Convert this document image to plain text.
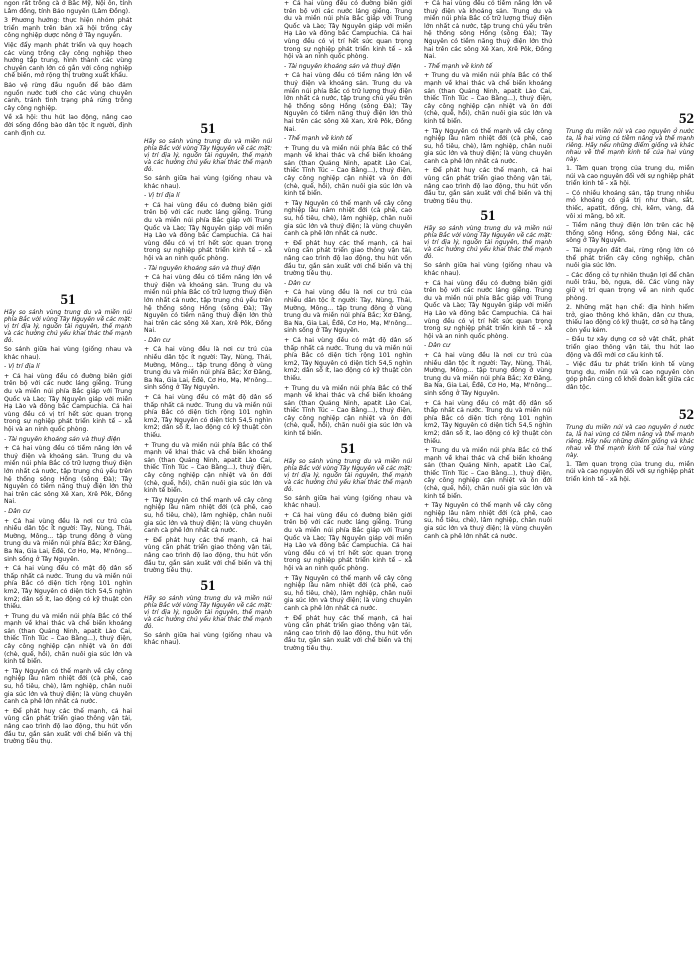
ngon rất trồng cà ở Bắc Mỹ, Nội ôn, tính Lâm đồng, tính Bảo nguyên (Lâm Đồng).

3 Phương hướng: thực hiện nhóm phát triển mạnh trên bản xã hội trồng cây công nghiệp dược nông ở Tây nguyên.

Việc đẩy mạnh phát triển và quy hoạch các vùng trồng cây công nghiệp theo hướng tập trung, hình thành các vùng chuyên canh lớn có gắn với công nghiệp chế biến, mở rộng thị trường xuất khẩu.

Bảo vệ rừng đầu nguồn để bảo đảm nguồn nước tưới cho các vùng chuyên canh, tránh tình trạng phá rừng trồng cây công nghiệp.

Về xã hội: thu hút lao động, nâng cao đời sống đồng bào dân tộc ít người, định canh định cư.

51

Hãy so sánh vùng trung du và miền núi phía Bắc với vùng Tây Nguyên về các mặt: vị trí địa lý, nguồn tài nguyên, thế mạnh và các hướng chủ yếu khai thác thế mạnh đó.

So sánh giữa hai vùng (giống nhau và khác nhau).

- Vị trí địa lí

+ Cả hai vùng đều có đường biên giới trên bộ với các nước láng giềng. Trung du và miền núi phía Bắc giáp với Trung Quốc và Lào; Tây Nguyên giáp với miền Hạ Lào và đông bắc Campuchia. Cả hai vùng đều có vị trí hết sức quan trọng trong sự nghiệp phát triển kinh tế – xã hội và an ninh quốc phòng.

- Tài nguyên khoáng sản và thuỷ điện

+ Cả hai vùng đều có tiềm năng lớn về thuỷ điện và khoáng sản. Trung du và miền núi phía Bắc có trữ lượng thuỷ điện lớn nhất cả nước, tập trung chủ yếu trên hệ thống sông Hồng (sông Đà); Tây Nguyên có tiềm năng thuỷ điện lớn thứ hai trên các sông Xê Xan, Xrê Pôk, Đồng Nai.

- Dân cư

+ Cả hai vùng đều là nơi cư trú của nhiều dân tộc ít người: Tày, Nùng, Thái, Mường, Mông... tập trung đông ở vùng trung du và miền núi phía Bắc; Xơ Đăng, Ba Na, Gia Lai, Êđê, Cơ Ho, Mạ, M'nông... sinh sống ở Tây Nguyên.

+ Cả hai vùng đều có mật độ dân số thấp nhất cả nước. Trung du và miền núi phía Bắc có diện tích rộng 101 nghìn km2, Tây Nguyên có diện tích 54,5 nghìn km2; dân số ít, lao động có kỹ thuật còn thiếu.

+ Trung du và miền núi phía Bắc có thế mạnh về khai thác và chế biến khoáng sản (than Quảng Ninh, apatit Lào Cai, thiếc Tĩnh Túc – Cao Bằng...), thuỷ điện, cây công nghiệp cận nhiệt và ôn đới (chè, quế, hồi), chăn nuôi gia súc lớn và kinh tế biển.

+ Tây Nguyên có thế mạnh về cây công nghiệp lâu năm nhiệt đới (cà phê, cao su, hồ tiêu, chè), lâm nghiệp, chăn nuôi gia súc lớn và thuỷ điện; là vùng chuyên canh cà phê lớn nhất cả nước.

+ Để phát huy các thế mạnh, cả hai vùng cần phát triển giao thông vận tải, nâng cao trình độ lao động, thu hút vốn đầu tư, gắn sản xuất với chế biến và thị trường tiêu thụ.

51

Hãy so sánh vùng trung du và miền núi phía Bắc với vùng Tây Nguyên về các mặt: vị trí địa lý, nguồn tài nguyên, thế mạnh và các hướng chủ yếu khai thác thế mạnh đó.

So sánh giữa hai vùng (giống nhau và khác nhau).

- Vị trí địa lí

+ Cả hai vùng đều có đường biên giới trên bộ với các nước láng giềng. Trung du và miền núi phía Bắc giáp với Trung Quốc và Lào; Tây Nguyên giáp với miền Hạ Lào và đông bắc Campuchia. Cả hai vùng đều có vị trí hết sức quan trọng trong sự nghiệp phát triển kinh tế – xã hội và an ninh quốc phòng.

- Tài nguyên khoáng sản và thuỷ điện

+ Cả hai vùng đều có tiềm năng lớn về thuỷ điện và khoáng sản. Trung du và miền núi phía Bắc có trữ lượng thuỷ điện lớn nhất cả nước, tập trung chủ yếu trên hệ thống sông Hồng (sông Đà); Tây Nguyên có tiềm năng thuỷ điện lớn thứ hai trên các sông Xê Xan, Xrê Pôk, Đồng Nai.

- Dân cư

+ Cả hai vùng đều là nơi cư trú của nhiều dân tộc ít người: Tày, Nùng, Thái, Mường, Mông... tập trung đông ở vùng trung du và miền núi phía Bắc; Xơ Đăng, Ba Na, Gia Lai, Êđê, Cơ Ho, Mạ, M'nông... sinh sống ở Tây Nguyên.

+ Cả hai vùng đều có mật độ dân số thấp nhất cả nước. Trung du và miền núi phía Bắc có diện tích rộng 101 nghìn km2, Tây Nguyên có diện tích 54,5 nghìn km2; dân số ít, lao động có kỹ thuật còn thiếu.

+ Trung du và miền núi phía Bắc có thế mạnh về khai thác và chế biến khoáng sản (than Quảng Ninh, apatit Lào Cai, thiếc Tĩnh Túc – Cao Bằng...), thuỷ điện, cây công nghiệp cận nhiệt và ôn đới (chè, quế, hồi), chăn nuôi gia súc lớn và kinh tế biển.

+ Tây Nguyên có thế mạnh về cây công nghiệp lâu năm nhiệt đới (cà phê, cao su, hồ tiêu, chè), lâm nghiệp, chăn nuôi gia súc lớn và thuỷ điện; là vùng chuyên canh cà phê lớn nhất cả nước.

+ Để phát huy các thế mạnh, cả hai vùng cần phát triển giao thông vận tải, nâng cao trình độ lao động, thu hút vốn đầu tư, gắn sản xuất với chế biến và thị trường tiêu thụ.

51

Hãy so sánh vùng trung du và miền núi phía Bắc với vùng Tây Nguyên về các mặt: vị trí địa lý, nguồn tài nguyên, thế mạnh và các hướng chủ yếu khai thác thế mạnh đó.

So sánh giữa hai vùng (giống nhau và khác nhau).

+ Cả hai vùng đều có đường biên giới trên bộ với các nước láng giềng. Trung du và miền núi phía Bắc giáp với Trung Quốc và Lào; Tây Nguyên giáp với miền Hạ Lào và đông bắc Campuchia. Cả hai vùng đều có vị trí hết sức quan trọng trong sự nghiệp phát triển kinh tế – xã hội và an ninh quốc phòng.

- Tài nguyên khoáng sản và thuỷ điện

+ Cả hai vùng đều có tiềm năng lớn về thuỷ điện và khoáng sản. Trung du và miền núi phía Bắc có trữ lượng thuỷ điện lớn nhất cả nước, tập trung chủ yếu trên hệ thống sông Hồng (sông Đà); Tây Nguyên có tiềm năng thuỷ điện lớn thứ hai trên các sông Xê Xan, Xrê Pôk, Đồng Nai.

- Thế mạnh về kinh tế

+ Trung du và miền núi phía Bắc có thế mạnh về khai thác và chế biến khoáng sản (than Quảng Ninh, apatit Lào Cai, thiếc Tĩnh Túc – Cao Bằng...), thuỷ điện, cây công nghiệp cận nhiệt và ôn đới (chè, quế, hồi), chăn nuôi gia súc lớn và kinh tế biển.

+ Tây Nguyên có thế mạnh về cây công nghiệp lâu năm nhiệt đới (cà phê, cao su, hồ tiêu, chè), lâm nghiệp, chăn nuôi gia súc lớn và thuỷ điện; là vùng chuyên canh cà phê lớn nhất cả nước.

+ Để phát huy các thế mạnh, cả hai vùng cần phát triển giao thông vận tải, nâng cao trình độ lao động, thu hút vốn đầu tư, gắn sản xuất với chế biến và thị trường tiêu thụ.

- Dân cư

+ Cả hai vùng đều là nơi cư trú của nhiều dân tộc ít người: Tày, Nùng, Thái, Mường, Mông... tập trung đông ở vùng trung du và miền núi phía Bắc; Xơ Đăng, Ba Na, Gia Lai, Êđê, Cơ Ho, Mạ, M'nông... sinh sống ở Tây Nguyên.

+ Cả hai vùng đều có mật độ dân số thấp nhất cả nước. Trung du và miền núi phía Bắc có diện tích rộng 101 nghìn km2, Tây Nguyên có diện tích 54,5 nghìn km2; dân số ít, lao động có kỹ thuật còn thiếu.

+ Trung du và miền núi phía Bắc có thế mạnh về khai thác và chế biến khoáng sản (than Quảng Ninh, apatit Lào Cai, thiếc Tĩnh Túc – Cao Bằng...), thuỷ điện, cây công nghiệp cận nhiệt và ôn đới (chè, quế, hồi), chăn nuôi gia súc lớn và kinh tế biển.

51

Hãy so sánh vùng trung du và miền núi phía Bắc với vùng Tây Nguyên về các mặt: vị trí địa lý, nguồn tài nguyên, thế mạnh và các hướng chủ yếu khai thác thế mạnh đó.

So sánh giữa hai vùng (giống nhau và khác nhau).

+ Cả hai vùng đều có đường biên giới trên bộ với các nước láng giềng. Trung du và miền núi phía Bắc giáp với Trung Quốc và Lào; Tây Nguyên giáp với miền Hạ Lào và đông bắc Campuchia. Cả hai vùng đều có vị trí hết sức quan trọng trong sự nghiệp phát triển kinh tế – xã hội và an ninh quốc phòng.

+ Tây Nguyên có thế mạnh về cây công nghiệp lâu năm nhiệt đới (cà phê, cao su, hồ tiêu, chè), lâm nghiệp, chăn nuôi gia súc lớn và thuỷ điện; là vùng chuyên canh cà phê lớn nhất cả nước.

+ Để phát huy các thế mạnh, cả hai vùng cần phát triển giao thông vận tải, nâng cao trình độ lao động, thu hút vốn đầu tư, gắn sản xuất với chế biến và thị trường tiêu thụ.

+ Cả hai vùng đều có tiềm năng lớn về thuỷ điện và khoáng sản. Trung du và miền núi phía Bắc có trữ lượng thuỷ điện lớn nhất cả nước, tập trung chủ yếu trên hệ thống sông Hồng (sông Đà); Tây Nguyên có tiềm năng thuỷ điện lớn thứ hai trên các sông Xê Xan, Xrê Pôk, Đồng Nai.

- Thế mạnh về kinh tế

+ Trung du và miền núi phía Bắc có thế mạnh về khai thác và chế biến khoáng sản (than Quảng Ninh, apatit Lào Cai, thiếc Tĩnh Túc – Cao Bằng...), thuỷ điện, cây công nghiệp cận nhiệt và ôn đới (chè, quế, hồi), chăn nuôi gia súc lớn và kinh tế biển.

+ Tây Nguyên có thế mạnh về cây công nghiệp lâu năm nhiệt đới (cà phê, cao su, hồ tiêu, chè), lâm nghiệp, chăn nuôi gia súc lớn và thuỷ điện; là vùng chuyên canh cà phê lớn nhất cả nước.

+ Để phát huy các thế mạnh, cả hai vùng cần phát triển giao thông vận tải, nâng cao trình độ lao động, thu hút vốn đầu tư, gắn sản xuất với chế biến và thị trường tiêu thụ.

51

Hãy so sánh vùng trung du và miền núi phía Bắc với vùng Tây Nguyên về các mặt: vị trí địa lý, nguồn tài nguyên, thế mạnh và các hướng chủ yếu khai thác thế mạnh đó.

So sánh giữa hai vùng (giống nhau và khác nhau).

+ Cả hai vùng đều có đường biên giới trên bộ với các nước láng giềng. Trung du và miền núi phía Bắc giáp với Trung Quốc và Lào; Tây Nguyên giáp với miền Hạ Lào và đông bắc Campuchia. Cả hai vùng đều có vị trí hết sức quan trọng trong sự nghiệp phát triển kinh tế – xã hội và an ninh quốc phòng.

- Dân cư

+ Cả hai vùng đều là nơi cư trú của nhiều dân tộc ít người: Tày, Nùng, Thái, Mường, Mông... tập trung đông ở vùng trung du và miền núi phía Bắc; Xơ Đăng, Ba Na, Gia Lai, Êđê, Cơ Ho, Mạ, M'nông... sinh sống ở Tây Nguyên.

+ Cả hai vùng đều có mật độ dân số thấp nhất cả nước. Trung du và miền núi phía Bắc có diện tích rộng 101 nghìn km2, Tây Nguyên có diện tích 54,5 nghìn km2; dân số ít, lao động có kỹ thuật còn thiếu.

+ Trung du và miền núi phía Bắc có thế mạnh về khai thác và chế biến khoáng sản (than Quảng Ninh, apatit Lào Cai, thiếc Tĩnh Túc – Cao Bằng...), thuỷ điện, cây công nghiệp cận nhiệt và ôn đới (chè, quế, hồi), chăn nuôi gia súc lớn và kinh tế biển.

+ Tây Nguyên có thế mạnh về cây công nghiệp lâu năm nhiệt đới (cà phê, cao su, hồ tiêu, chè), lâm nghiệp, chăn nuôi gia súc lớn và thuỷ điện; là vùng chuyên canh cà phê lớn nhất cả nước.

52

Trung du miền núi và cao nguyên ở nước ta, là hai vùng có tiềm năng và thế mạnh riêng. Hãy nêu những điểm giống và khác nhau về thế mạnh kinh tế của hai vùng này.

1. Tâm quan trọng của trung du, miền núi và cao nguyên đối với sự nghiệp phát triển kinh tế - xã hội.

– Có nhiều khoáng sản, tập trung nhiều mỏ khoáng có giá trị như than, sắt, thiếc, apatit, đồng, chì, kẽm, vàng, đá vôi xi măng, bô xít.

– Tiềm năng thuỷ điện lớn trên các hệ thống sông Hồng, sông Đồng Nai, các sông ở Tây Nguyên.

– Tài nguyên đất đai, rừng rộng lớn có thể phát triển cây công nghiệp, chăn nuôi gia súc lớn.

– Các đồng cỏ tự nhiên thuận lợi để chăn nuôi trâu, bò, ngựa, dê. Các vùng này giữ vị trí quan trọng về an ninh quốc phòng.

2. Những mặt hạn chế: địa hình hiểm trở, giao thông khó khăn, dân cư thưa, thiếu lao động có kỹ thuật, cơ sở hạ tầng còn yếu kém.

– Đầu tư xây dựng cơ sở vật chất, phát triển giao thông vận tải, thu hút lao động và đổi mới cơ cấu kinh tế.

– Việc đầu tư phát triển kinh tế vùng trung du, miền núi và cao nguyên còn góp phần củng cố khối đoàn kết giữa các dân tộc.

52

Trung du miền núi và cao nguyên ở nước ta, là hai vùng có tiềm năng và thế mạnh riêng. Hãy nêu những điểm giống và khác nhau về thế mạnh kinh tế của hai vùng này.

1. Tâm quan trọng của trung du, miền núi và cao nguyên đối với sự nghiệp phát triển kinh tế - xã hội.
